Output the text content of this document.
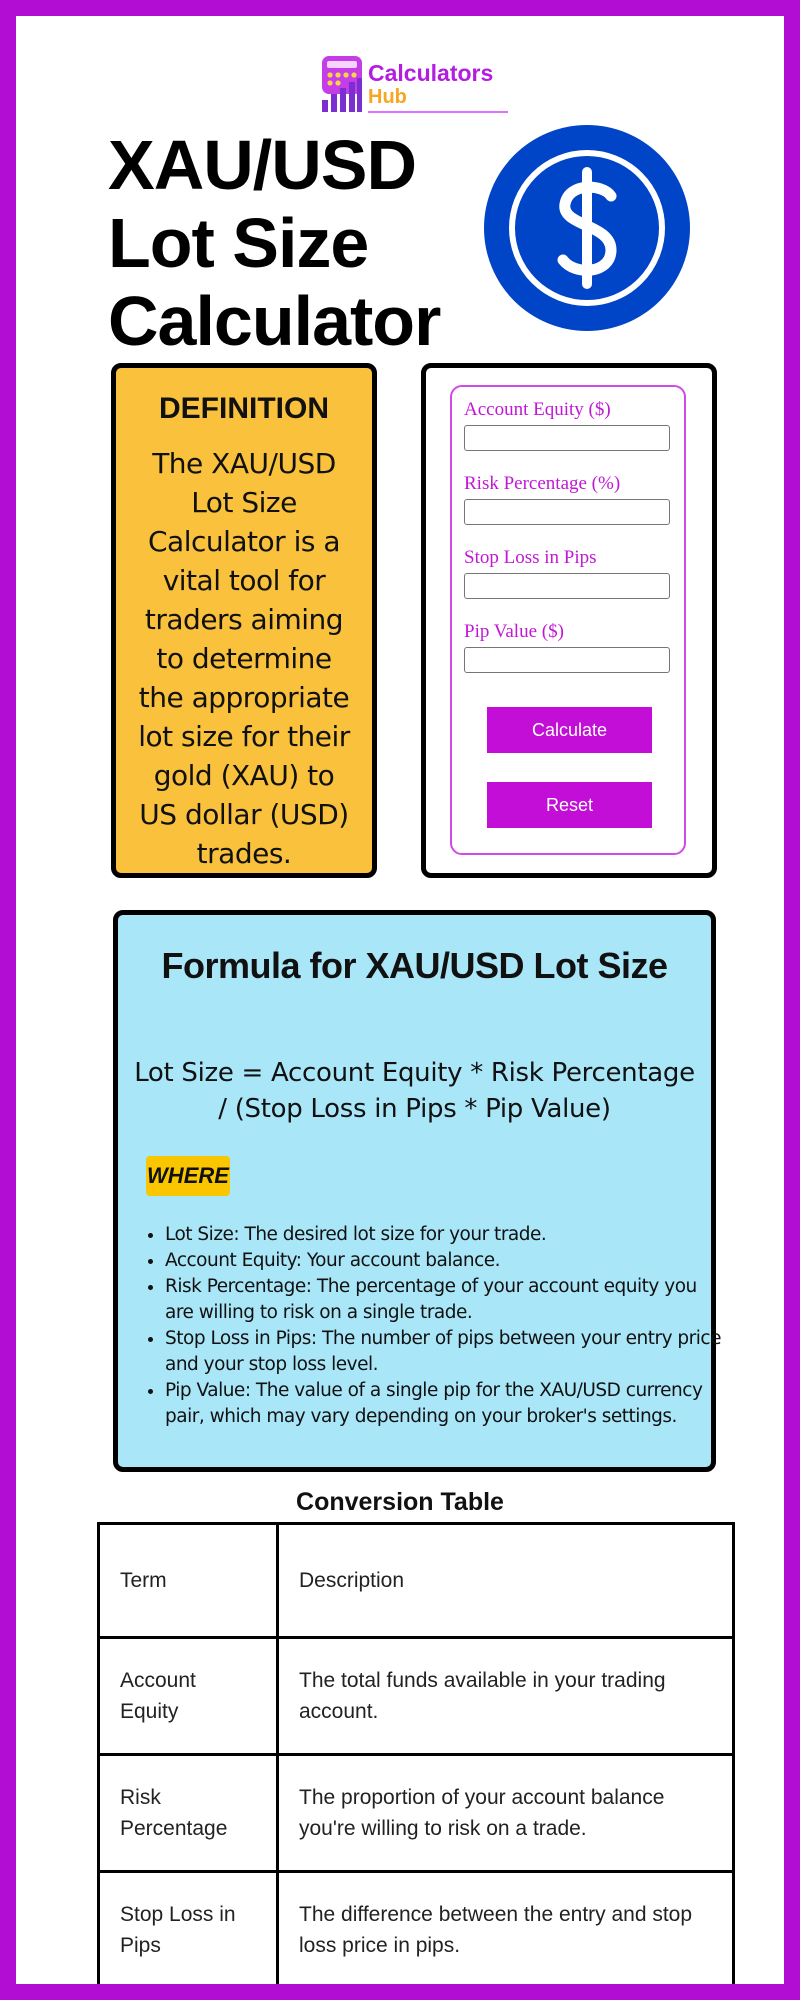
Calculators
Hub
XAU/USD Lot Size Calculator

DEFINITION

The XAU/USD Lot Size Calculator is a vital tool for traders aiming to determine the appropriate lot size for their gold (XAU) to US dollar (USD) trades.

Account Equity ($)
Risk Percentage (%)
Stop Loss in Pips
Pip Value ($)
Calculate
Reset
Formula for XAU/USD Lot Size

Lot Size = Account Equity * Risk Percentage / (Stop Loss in Pips * Pip Value)

WHERE
• Lot Size: The desired lot size for your trade.
• Account Equity: Your account balance.
• Risk Percentage: The percentage of your account equity you are willing to risk on a single trade.
• Stop Loss in Pips: The number of pips between your entry price and your stop loss level.
• Pip Value: The value of a single pip for the XAU/USD currency pair, which may vary depending on your broker's settings.

Conversion Table

Term	Description
Account Equity	The total funds available in your trading account.
Risk Percentage	The proportion of your account balance you're willing to risk on a trade.
Stop Loss in Pips	The difference between the entry and stop loss price in pips.
